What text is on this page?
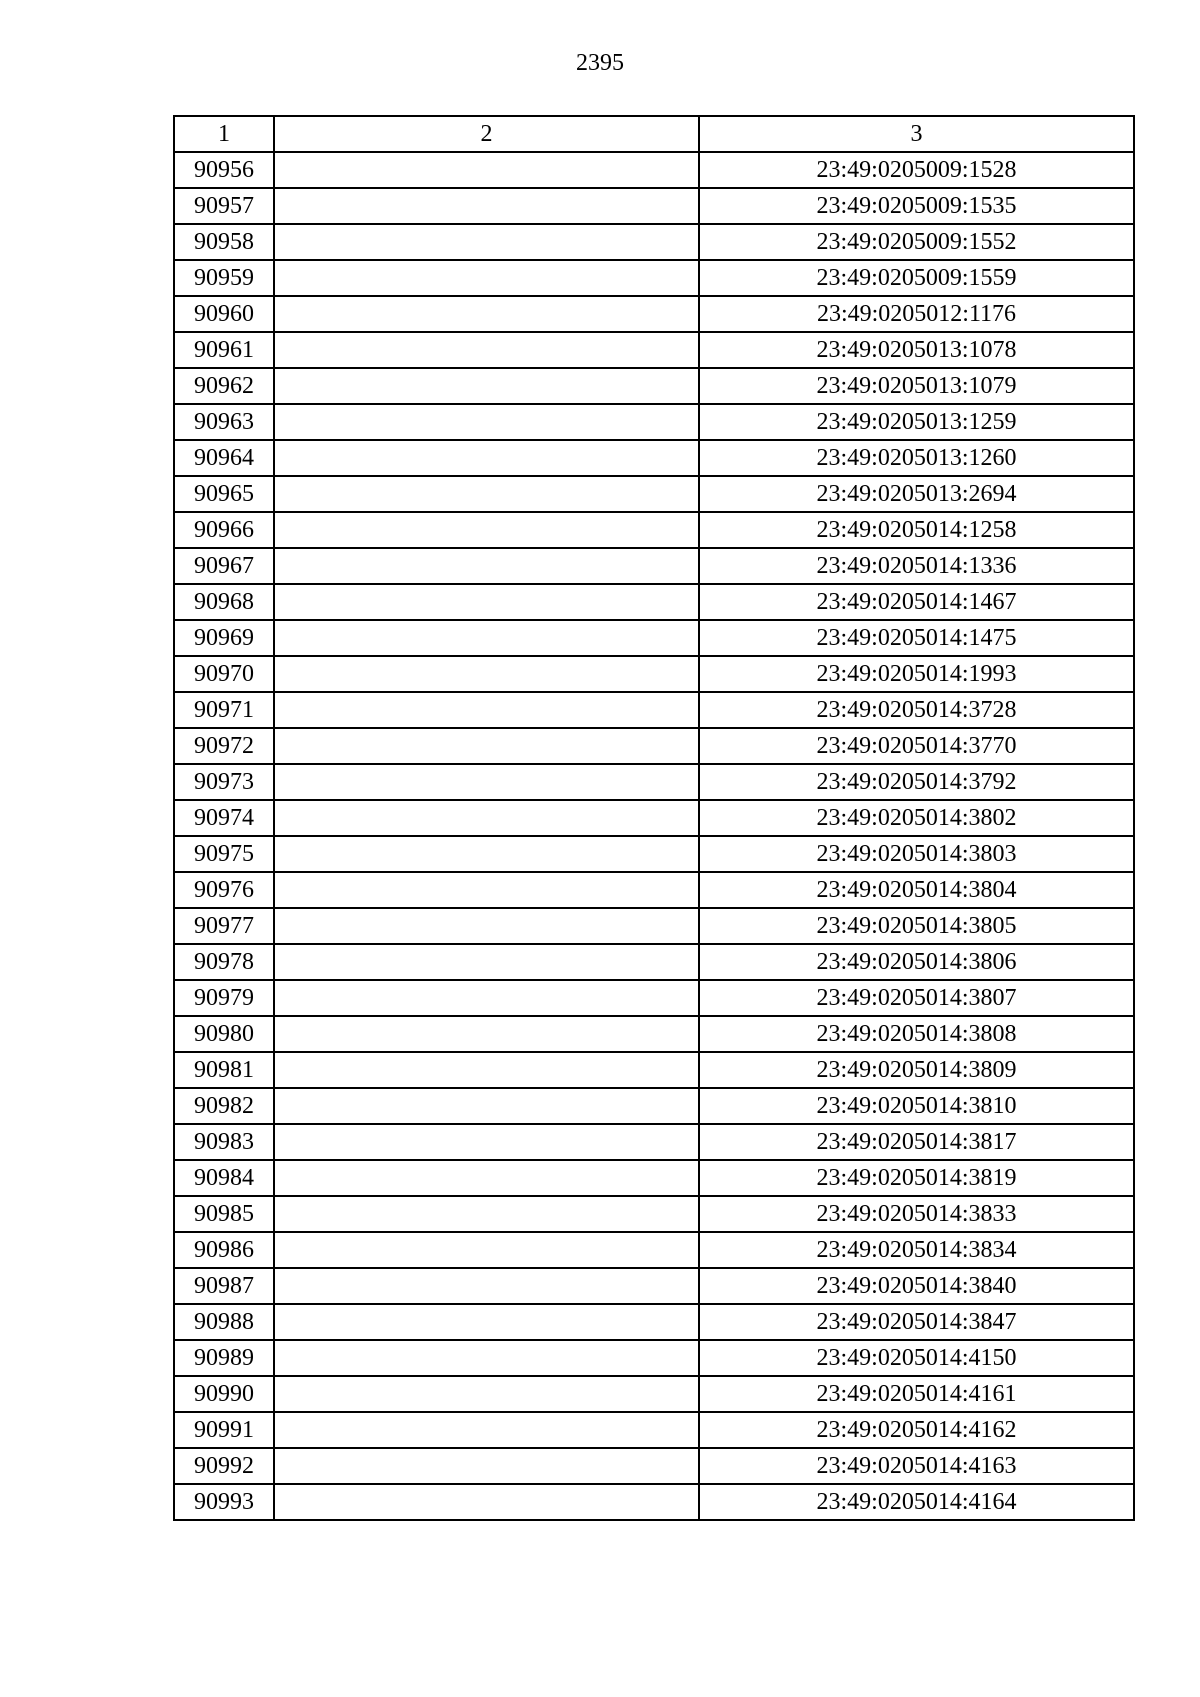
2395
1	2	3
90956		23:49:0205009:1528
90957		23:49:0205009:1535
90958		23:49:0205009:1552
90959		23:49:0205009:1559
90960		23:49:0205012:1176
90961		23:49:0205013:1078
90962		23:49:0205013:1079
90963		23:49:0205013:1259
90964		23:49:0205013:1260
90965		23:49:0205013:2694
90966		23:49:0205014:1258
90967		23:49:0205014:1336
90968		23:49:0205014:1467
90969		23:49:0205014:1475
90970		23:49:0205014:1993
90971		23:49:0205014:3728
90972		23:49:0205014:3770
90973		23:49:0205014:3792
90974		23:49:0205014:3802
90975		23:49:0205014:3803
90976		23:49:0205014:3804
90977		23:49:0205014:3805
90978		23:49:0205014:3806
90979		23:49:0205014:3807
90980		23:49:0205014:3808
90981		23:49:0205014:3809
90982		23:49:0205014:3810
90983		23:49:0205014:3817
90984		23:49:0205014:3819
90985		23:49:0205014:3833
90986		23:49:0205014:3834
90987		23:49:0205014:3840
90988		23:49:0205014:3847
90989		23:49:0205014:4150
90990		23:49:0205014:4161
90991		23:49:0205014:4162
90992		23:49:0205014:4163
90993		23:49:0205014:4164
